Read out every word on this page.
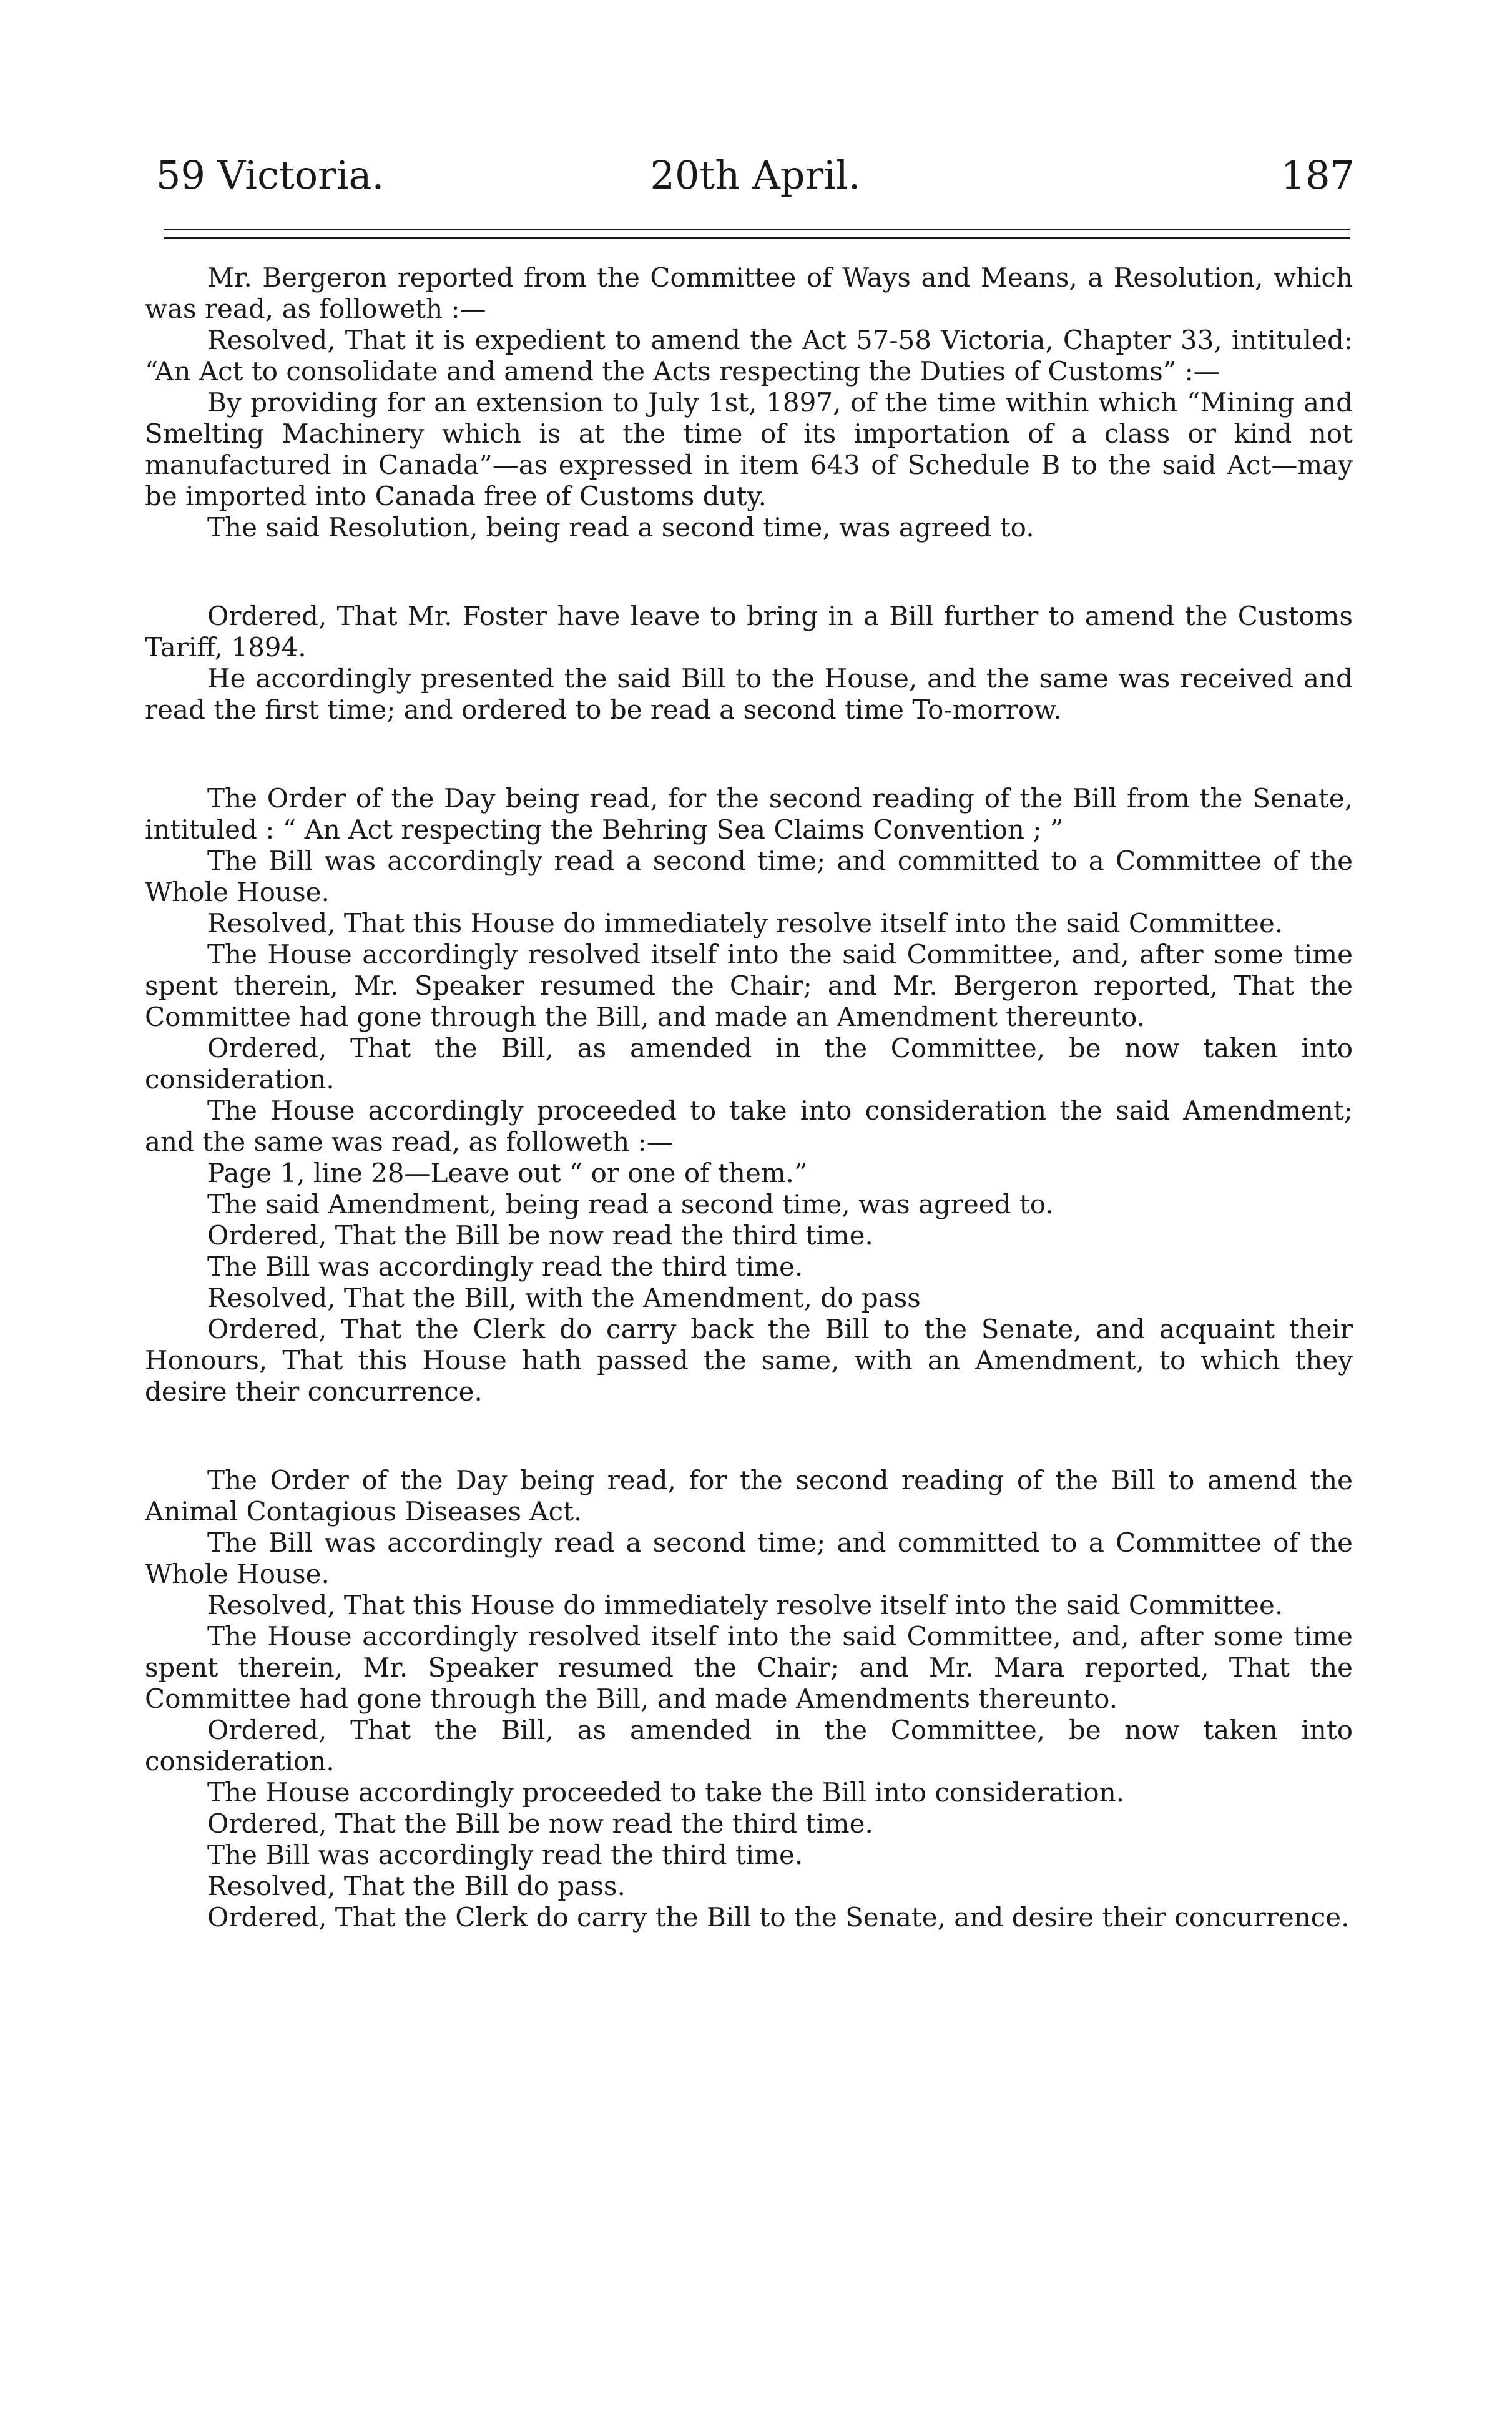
59 Victoria.	20th April.	187

Mr. Bergeron reported from the Committee of Ways and Means, a Resolution, which was read, as followeth :—

Resolved, That it is expedient to amend the Act 57-58 Victoria, Chapter 33, intituled: “An Act to consolidate and amend the Acts respecting the Duties of Customs” :—

By providing for an extension to July 1st, 1897, of the time within which “Mining and Smelting Machinery which is at the time of its importation of a class or kind not manufactured in Canada”—as expressed in item 643 of Schedule B to the said Act—may be imported into Canada free of Customs duty.

The said Resolution, being read a second time, was agreed to.

Ordered, That Mr. Foster have leave to bring in a Bill further to amend the Customs Tariff, 1894.

He accordingly presented the said Bill to the House, and the same was received and read the first time; and ordered to be read a second time To-morrow.

The Order of the Day being read, for the second reading of the Bill from the Senate, intituled : “ An Act respecting the Behring Sea Claims Convention ; ”

The Bill was accordingly read a second time; and committed to a Committee of the Whole House.

Resolved, That this House do immediately resolve itself into the said Committee.

The House accordingly resolved itself into the said Committee, and, after some time spent therein, Mr. Speaker resumed the Chair; and Mr. Bergeron reported, That the Committee had gone through the Bill, and made an Amendment thereunto.

Ordered, That the Bill, as amended in the Committee, be now taken into consideration.

The House accordingly proceeded to take into consideration the said Amendment; and the same was read, as followeth :—

Page 1, line 28—Leave out “ or one of them.”

The said Amendment, being read a second time, was agreed to.

Ordered, That the Bill be now read the third time.

The Bill was accordingly read the third time.

Resolved, That the Bill, with the Amendment, do pass

Ordered, That the Clerk do carry back the Bill to the Senate, and acquaint their Honours, That this House hath passed the same, with an Amendment, to which they desire their concurrence.

The Order of the Day being read, for the second reading of the Bill to amend the Animal Contagious Diseases Act.

The Bill was accordingly read a second time; and committed to a Committee of the Whole House.

Resolved, That this House do immediately resolve itself into the said Committee.

The House accordingly resolved itself into the said Committee, and, after some time spent therein, Mr. Speaker resumed the Chair; and Mr. Mara reported, That the Committee had gone through the Bill, and made Amendments thereunto.

Ordered, That the Bill, as amended in the Committee, be now taken into consideration.

The House accordingly proceeded to take the Bill into consideration.

Ordered, That the Bill be now read the third time.

The Bill was accordingly read the third time.

Resolved, That the Bill do pass.

Ordered, That the Clerk do carry the Bill to the Senate, and desire their concurrence.
